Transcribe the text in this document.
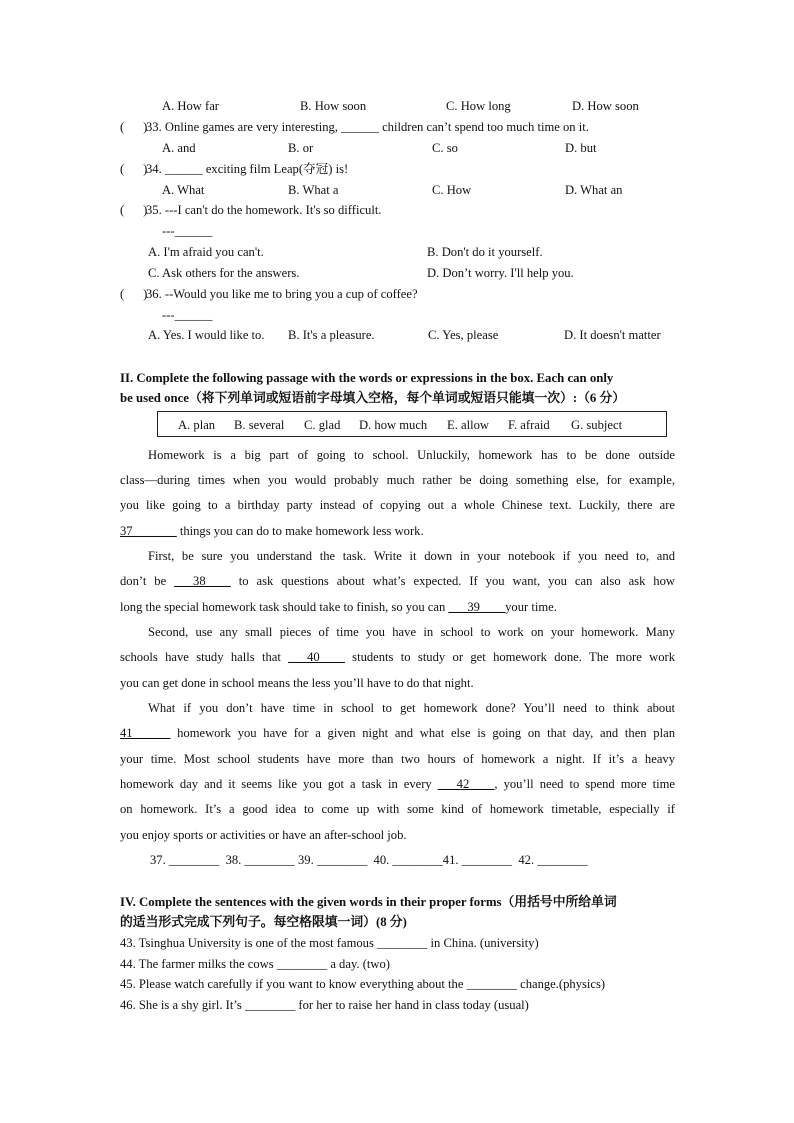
A. How far	B. How soon	C. How long	D. How soon
(      )
33. Online games are very interesting, ______ children can’t spend too much time on it.
A. and	B. or	C. so	D. but
(      )
34. ______ exciting film Leap(夺冠) is!
A. What	B. What a	C. How	D. What an
(      )
35. ---I can't do the homework. It's so difficult.
---______
A. I'm afraid you can't.	B. Don't do it yourself.
C. Ask others for the answers.	D. Don’t worry. I'll help you.
(      )
36. --Would you like me to bring you a cup of coffee?
---______
A. Yes. I would like to. B. It's a pleasure.	C. Yes, please	D. It doesn't matter
II. Complete the following passage with the words or expressions in the box. Each can only
be used once（将下列单词或短语前字母填入空格，每个单词或短语只能填一次）:（6 分）
A. plan B. several C. glad D. how much E. allow F. afraid G. subject
Homework is a big part of going to school. Unluckily, homework has to be done outside
class—during times when you would probably much rather be doing something else, for example,
you like going to a birthday party instead of copying out a whole Chinese text. Luckily, there are
37_______ things you can do to make homework less work.
First, be sure you understand the task. Write it down in your notebook if you need to, and
don’t be ___38____ to ask questions about what’s expected. If you want, you can also ask how
long the special homework task should take to finish, so you can ___39____your time.
Second, use any small pieces of time you have in school to work on your homework. Many
schools have study halls that ___40____ students to study or get homework done. The more work
you can get done in school means the less you’ll have to do that night.
What if you don’t have time in school to get homework done? You’ll need to think about
41______ homework you have for a given night and what else is going on that day, and then plan
your time. Most school students have more than two hours of homework a night. If it’s a heavy
homework day and it seems like you got a task in every ___42____, you’ll need to spend more time
on homework. It’s a good idea to come up with some kind of homework timetable, especially if
you enjoy sports or activities or have an after-school job.
37. ________  38. ________ 39. ________  40. ________41. ________  42. ________
IV. Complete the sentences with the given words in their proper forms（用括号中所给单词
的适当形式完成下列句子。每空格限填一词）(8 分)
43. Tsinghua University is one of the most famous ________ in China. (university)
44. The farmer milks the cows ________ a day. (two)
45. Please watch carefully if you want to know everything about the ________ change.(physics)
46. She is a shy girl. It’s ________ for her to raise her hand in class today (usual)
